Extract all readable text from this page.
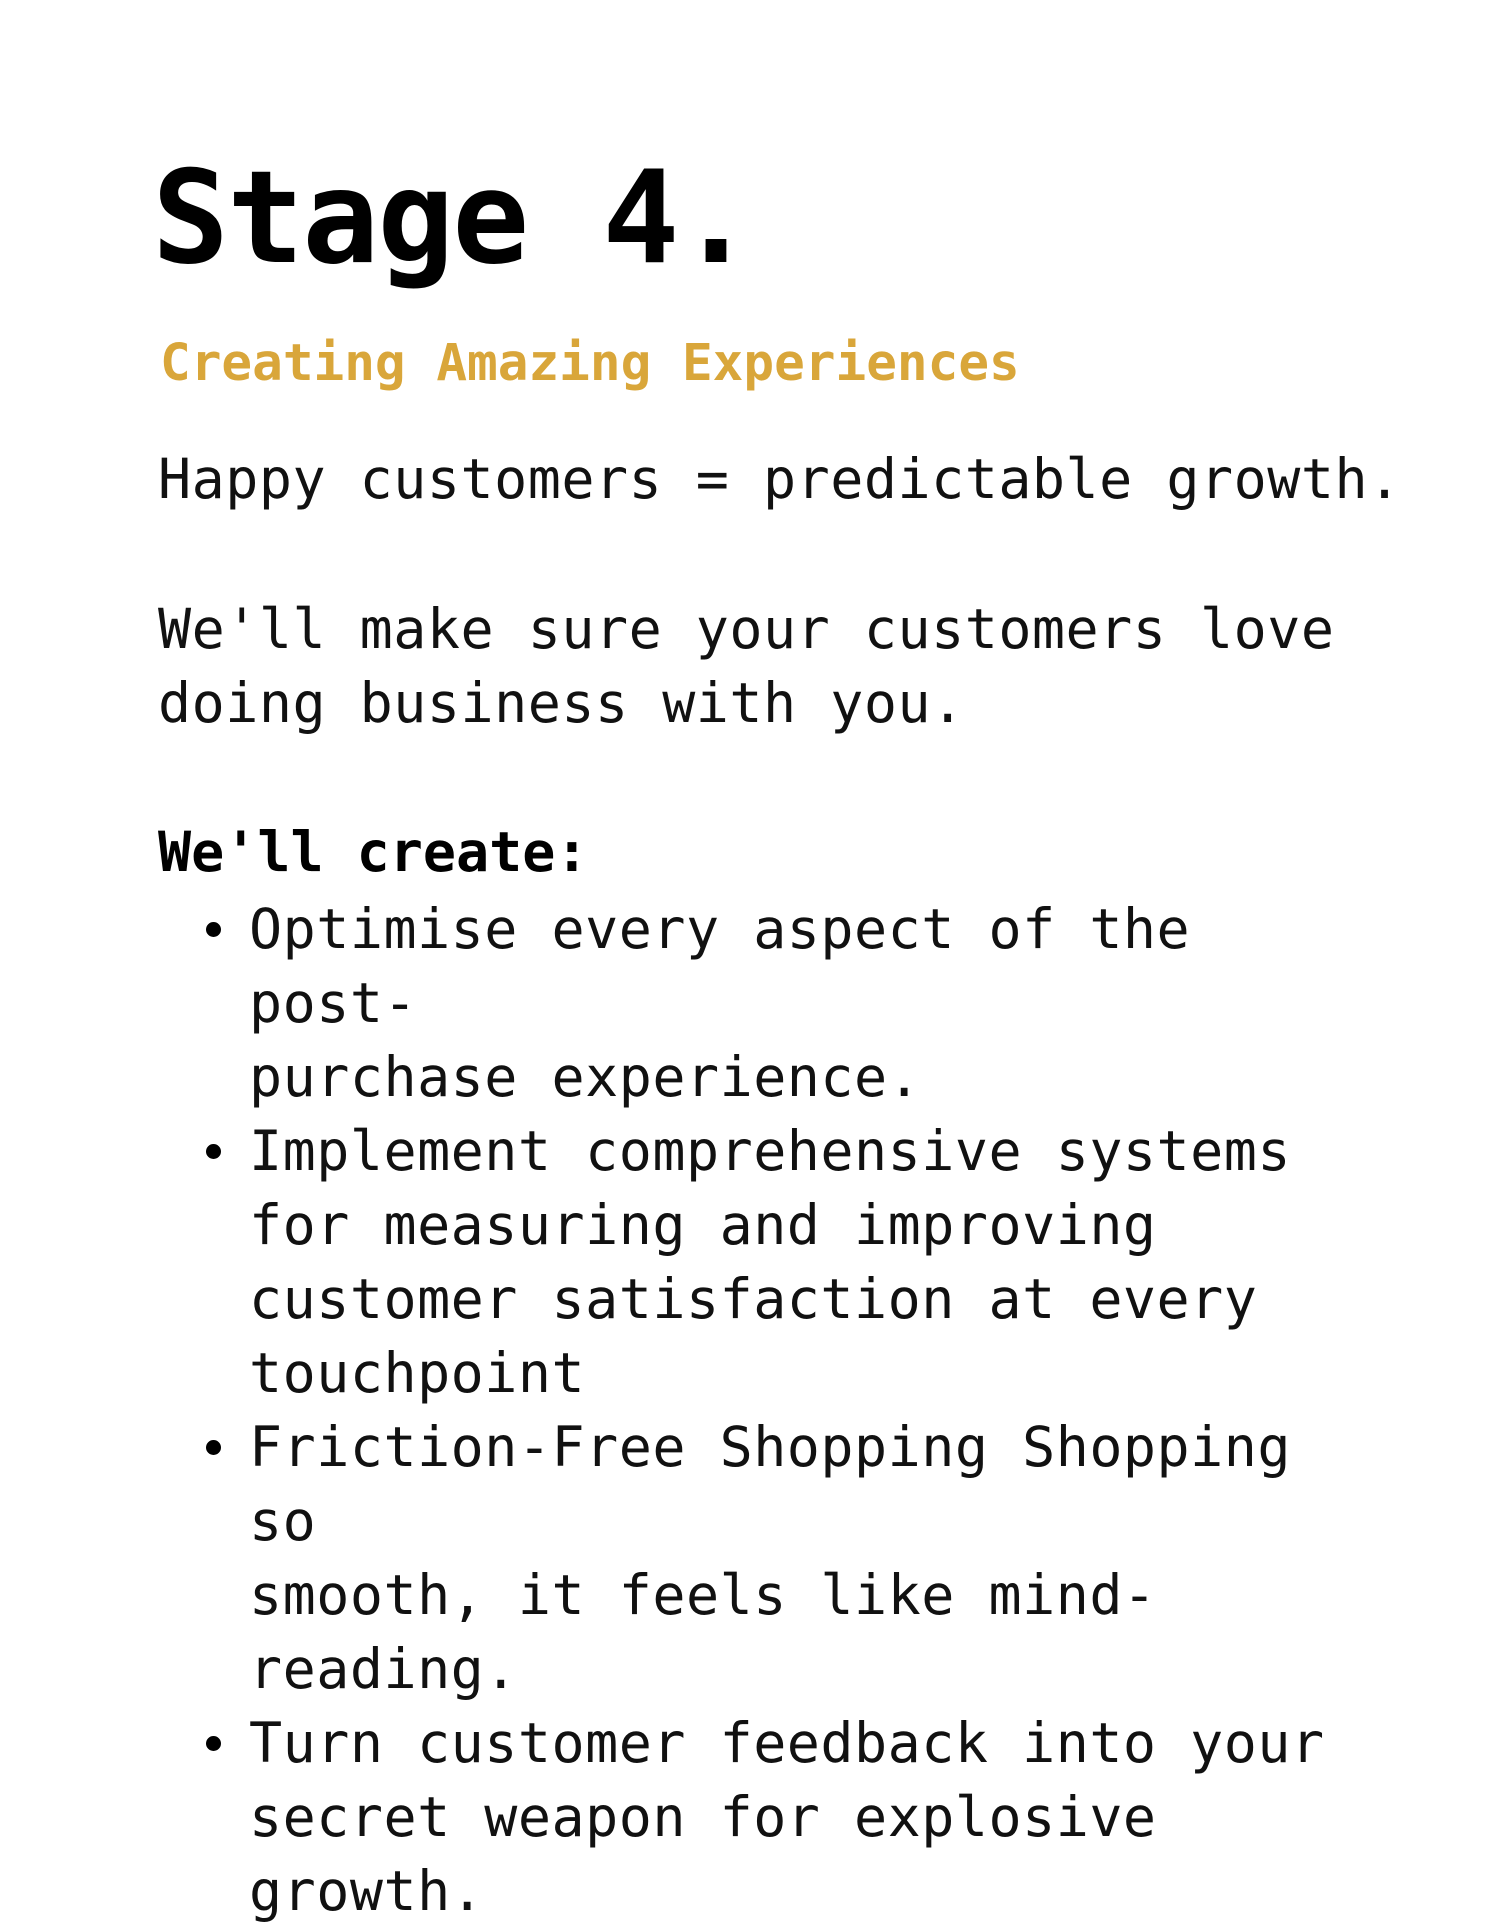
Stage 4.
Creating Amazing Experiences

Happy customers = predictable growth.

We'll make sure your customers love
doing business with you.

We'll create:
Optimise every aspect of the post-
purchase experience.
Implement comprehensive systems
for measuring and improving
customer satisfaction at every
touchpoint
Friction-Free Shopping Shopping so
smooth, it feels like mind-
reading.
Turn customer feedback into your
secret weapon for explosive
growth.
